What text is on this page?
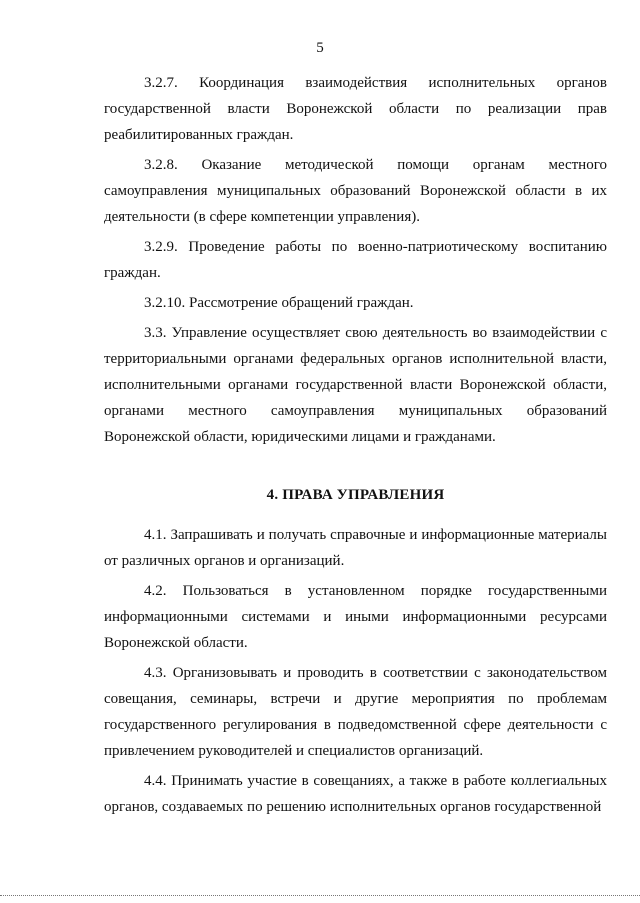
5

3.2.7. Координация взаимодействия исполнительных органов государственной власти Воронежской области по реализации прав реабилитированных граждан.

3.2.8. Оказание методической помощи органам местного самоуправления муниципальных образований Воронежской области в их деятельности (в сфере компетенции управления).

3.2.9. Проведение работы по военно-патриотическому воспитанию граждан.

3.2.10. Рассмотрение обращений граждан.

3.3. Управление осуществляет свою деятельность во взаимодействии с территориальными органами федеральных органов исполнительной власти, исполнительными органами государственной власти Воронежской области, органами местного самоуправления муниципальных образований Воронежской области, юридическими лицами и гражданами.

4. ПРАВА УПРАВЛЕНИЯ

4.1. Запрашивать и получать справочные и информационные материалы от различных органов и организаций.

4.2. Пользоваться в установленном порядке государственными информационными системами и иными информационными ресурсами Воронежской области.

4.3. Организовывать и проводить в соответствии с законодательством совещания, семинары, встречи и другие мероприятия по проблемам государственного регулирования в подведомственной сфере деятельности с привлечением руководителей и специалистов организаций.

4.4. Принимать участие в совещаниях, а также в работе коллегиальных органов, создаваемых по решению исполнительных органов государственной
